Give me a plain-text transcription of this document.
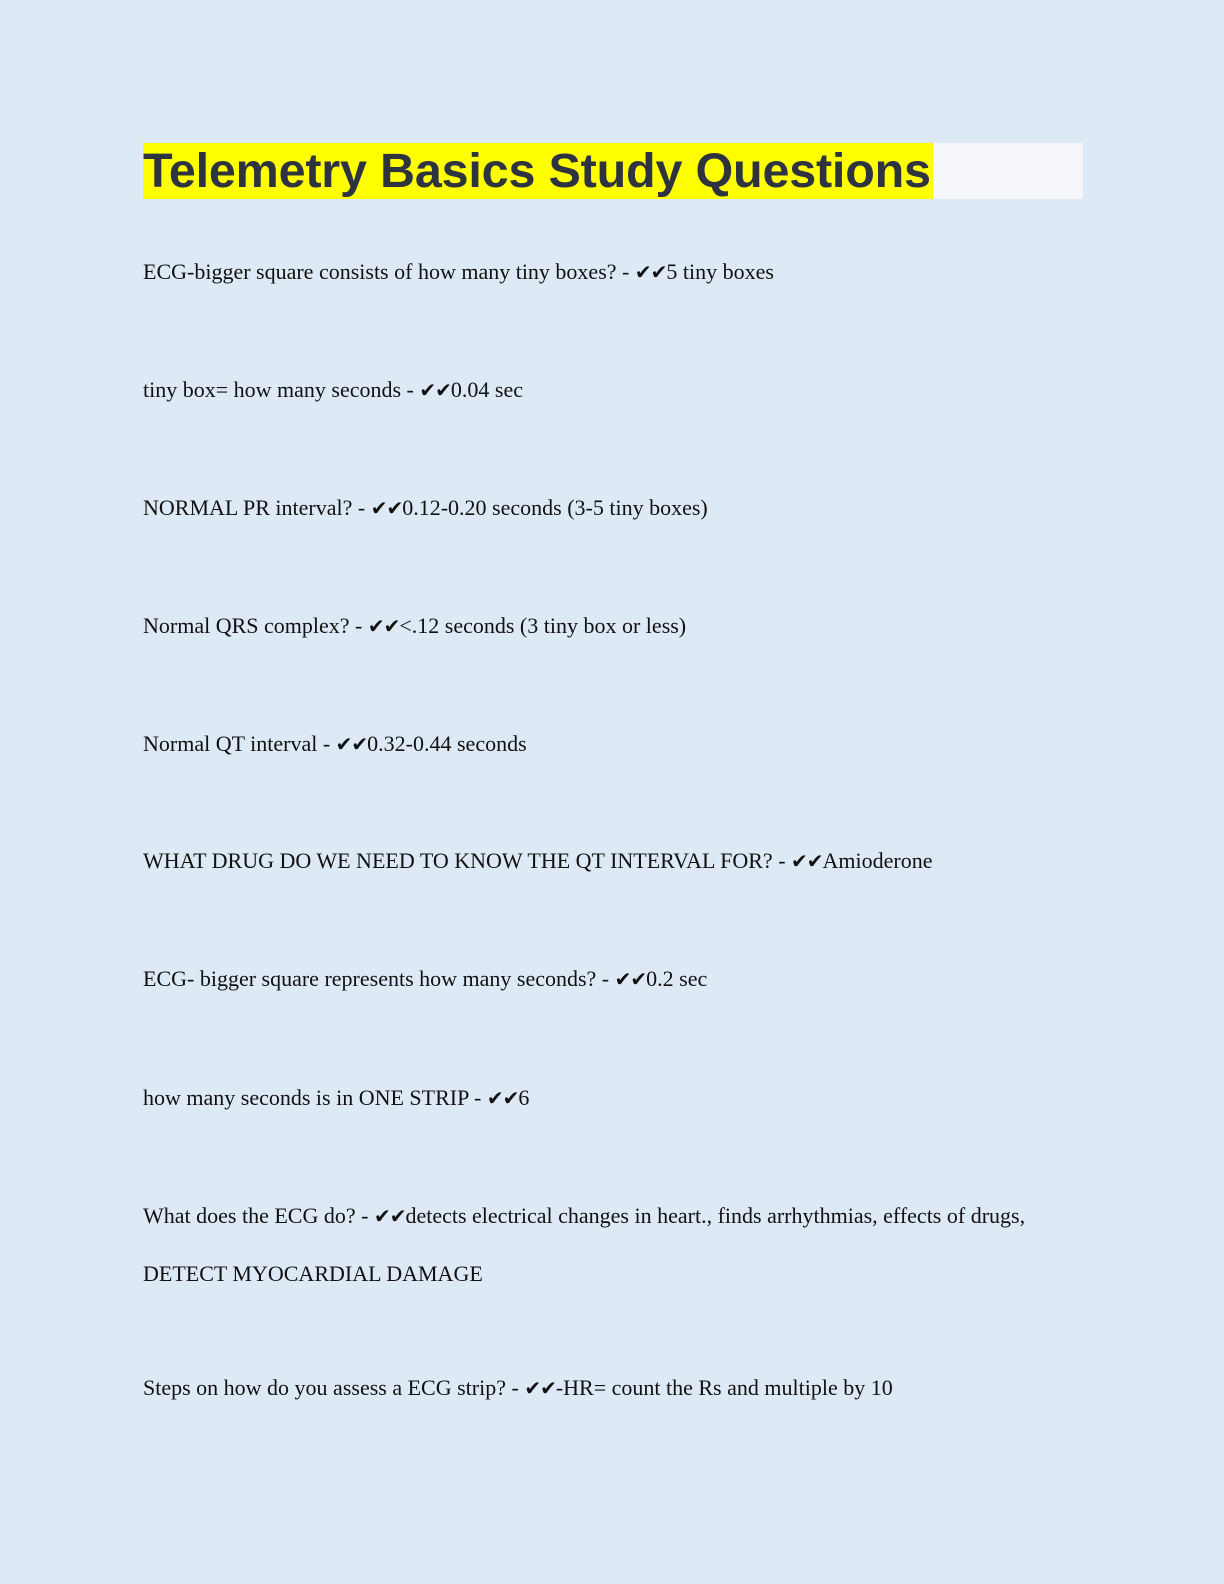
Telemetry Basics Study Questions
ECG-bigger square consists of how many tiny boxes? - ✔✔5 tiny boxes
tiny box= how many seconds - ✔✔0.04 sec
NORMAL PR interval? - ✔✔0.12-0.20 seconds (3-5 tiny boxes)
Normal QRS complex? - ✔✔<.12 seconds (3 tiny box or less)
Normal QT interval - ✔✔0.32-0.44 seconds
WHAT DRUG DO WE NEED TO KNOW THE QT INTERVAL FOR? - ✔✔Amioderone
ECG- bigger square represents how many seconds? - ✔✔0.2 sec
how many seconds is in ONE STRIP - ✔✔6
What does the ECG do? - ✔✔detects electrical changes in heart., finds arrhythmias, effects of drugs, DETECT MYOCARDIAL DAMAGE
Steps on how do you assess a ECG strip? - ✔✔-HR= count the Rs and multiple by 10
